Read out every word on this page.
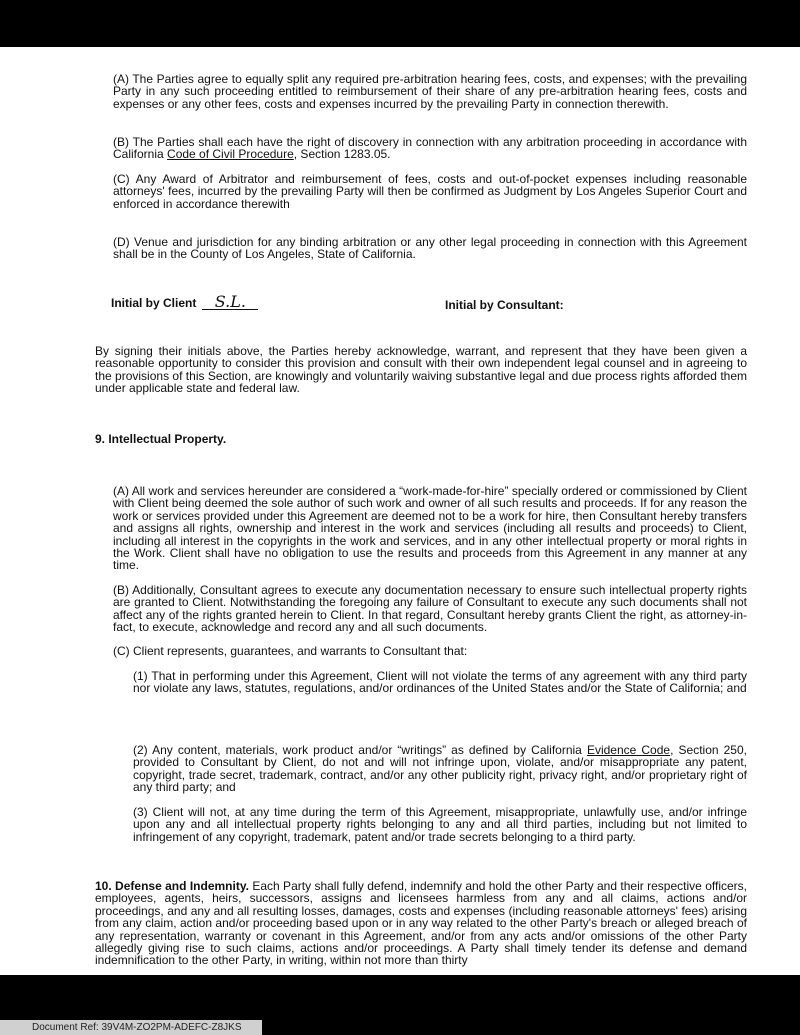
(A) The Parties agree to equally split any required pre-arbitration hearing fees, costs, and expenses; with the prevailing Party in any such proceeding entitled to reimbursement of their share of any pre-arbitration hearing fees, costs and expenses or any other fees, costs and expenses incurred by the prevailing Party in connection therewith.

(B) The Parties shall each have the right of discovery in connection with any arbitration proceeding in accordance with California Code of Civil Procedure, Section 1283.05.

(C) Any Award of Arbitrator and reimbursement of fees, costs and out-of-pocket expenses including reasonable attorneys' fees, incurred by the prevailing Party will then be confirmed as Judgment by Los Angeles Superior Court and enforced in accordance therewith

(D) Venue and jurisdiction for any binding arbitration or any other legal proceeding in connection with this Agreement shall be in the County of Los Angeles, State of California.

Initial by Client S.L.	Initial by Consultant:

By signing their initials above, the Parties hereby acknowledge, warrant, and represent that they have been given a reasonable opportunity to consider this provision and consult with their own independent legal counsel and in agreeing to the provisions of this Section, are knowingly and voluntarily waiving substantive legal and due process rights afforded them under applicable state and federal law.

9. Intellectual Property.

(A) All work and services hereunder are considered a “work-made-for-hire” specially ordered or commissioned by Client with Client being deemed the sole author of such work and owner of all such results and proceeds. If for any reason the work or services provided under this Agreement are deemed not to be a work for hire, then Consultant hereby transfers and assigns all rights, ownership and interest in the work and services (including all results and proceeds) to Client, including all interest in the copyrights in the work and services, and in any other intellectual property or moral rights in the Work. Client shall have no obligation to use the results and proceeds from this Agreement in any manner at any time.

(B) Additionally, Consultant agrees to execute any documentation necessary to ensure such intellectual property rights are granted to Client. Notwithstanding the foregoing any failure of Consultant to execute any such documents shall not affect any of the rights granted herein to Client. In that regard, Consultant hereby grants Client the right, as attorney-in-fact, to execute, acknowledge and record any and all such documents.

(C) Client represents, guarantees, and warrants to Consultant that:

(1) That in performing under this Agreement, Client will not violate the terms of any agreement with any third party nor violate any laws, statutes, regulations, and/or ordinances of the United States and/or the State of California; and

(2) Any content, materials, work product and/or “writings” as defined by California Evidence Code, Section 250, provided to Consultant by Client, do not and will not infringe upon, violate, and/or misappropriate any patent, copyright, trade secret, trademark, contract, and/or any other publicity right, privacy right, and/or proprietary right of any third party; and

(3) Client will not, at any time during the term of this Agreement, misappropriate, unlawfully use, and/or infringe upon any and all intellectual property rights belonging to any and all third parties, including but not limited to infringement of any copyright, trademark, patent and/or trade secrets belonging to a third party.

10. Defense and Indemnity. Each Party shall fully defend, indemnify and hold the other Party and their respective officers, employees, agents, heirs, successors, assigns and licensees harmless from any and all claims, actions and/or proceedings, and any and all resulting losses, damages, costs and expenses (including reasonable attorneys' fees) arising from any claim, action and/or proceeding based upon or in any way related to the other Party's breach or alleged breach of any representation, warranty or covenant in this Agreement, and/or from any acts and/or omissions of the other Party allegedly giving rise to such claims, actions and/or proceedings. A Party shall timely tender its defense and demand indemnification to the other Party, in writing, within not more than thirty

Document Ref: 39V4M-ZO2PM-ADEFC-Z8JKS
